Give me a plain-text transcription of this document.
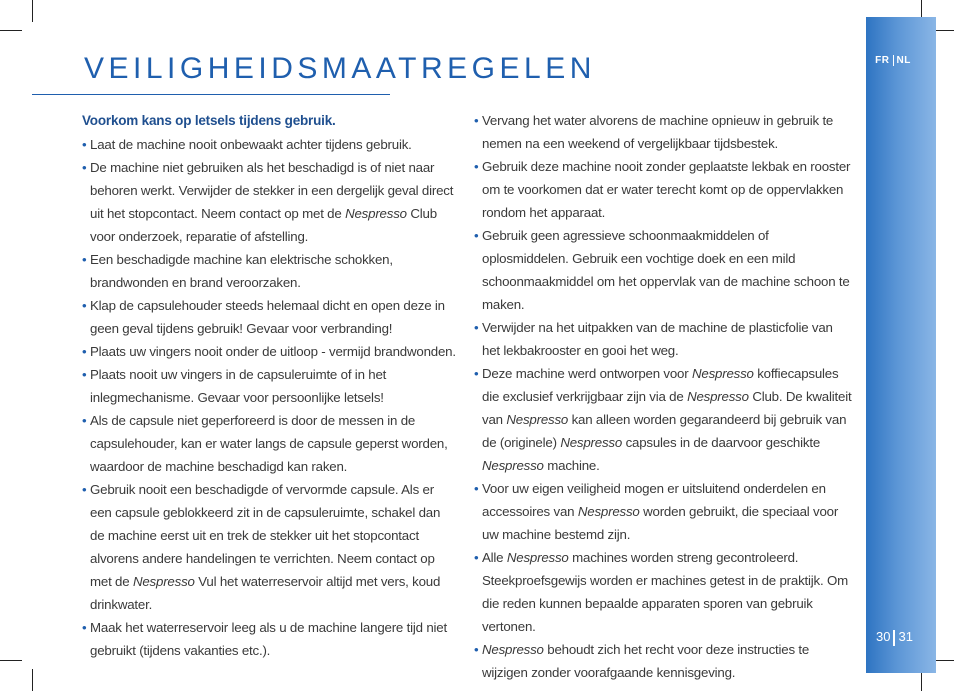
FR NL
30 31
VEILIGHEIDSMAATREGELEN
Voorkom kans op letsels tijdens gebruik.
• Laat de machine nooit onbewaakt achter tijdens gebruik.
• De machine niet gebruiken als het beschadigd is of niet naar behoren werkt. Verwijder de stekker in een dergelijk geval direct uit het stopcontact. Neem contact op met de Nespresso Club voor onderzoek, reparatie of afstelling.
• Een beschadigde machine kan elektrische schokken, brandwonden en brand veroorzaken.
• Klap de capsulehouder steeds helemaal dicht en open deze in geen geval tijdens gebruik! Gevaar voor verbranding!
• Plaats uw vingers nooit onder de uitloop - vermijd brandwonden.
• Plaats nooit uw vingers in de capsuleruimte of in het inlegmechanisme. Gevaar voor persoonlijke letsels!
• Als de capsule niet geperforeerd is door de messen in de capsulehouder, kan er water langs de capsule geperst worden, waardoor de machine beschadigd kan raken.
• Gebruik nooit een beschadigde of vervormde capsule. Als er een capsule geblokkeerd zit in de capsuleruimte, schakel dan de machine eerst uit en trek de stekker uit het stopcontact alvorens andere handelingen te verrichten. Neem contact op met de Nespresso Vul het waterreservoir altijd met vers, koud drinkwater.
• Maak het waterreservoir leeg als u de machine langere tijd niet gebruikt (tijdens vakanties etc.).
• Vervang het water alvorens de machine opnieuw in gebruik te nemen na een weekend of vergelijkbaar tijdsbestek.
• Gebruik deze machine nooit zonder geplaatste lekbak en rooster om te voorkomen dat er water terecht komt op de oppervlakken rondom het apparaat.
• Gebruik geen agressieve schoonmaakmiddelen of oplosmiddelen. Gebruik een vochtige doek en een mild schoonmaakmiddel om het oppervlak van de machine schoon te maken.
• Verwijder na het uitpakken van de machine de plasticfolie van het lekbakrooster en gooi het weg.
• Deze machine werd ontworpen voor Nespresso koffiecapsules die exclusief verkrijgbaar zijn via de Nespresso Club. De kwaliteit van Nespresso kan alleen worden gegarandeerd bij gebruik van de (originele) Nespresso capsules in de daarvoor geschikte
Nespresso machine.
• Voor uw eigen veiligheid mogen er uitsluitend onderdelen en accessoires van Nespresso worden gebruikt, die speciaal voor uw machine bestemd zijn.
• Alle Nespresso machines worden streng gecontroleerd. Steekproefsgewijs worden er machines getest in de praktijk. Om die reden kunnen bepaalde apparaten sporen van gebruik vertonen.
• Nespresso behoudt zich het recht voor deze instructies te wijzigen zonder voorafgaande kennisgeving.
